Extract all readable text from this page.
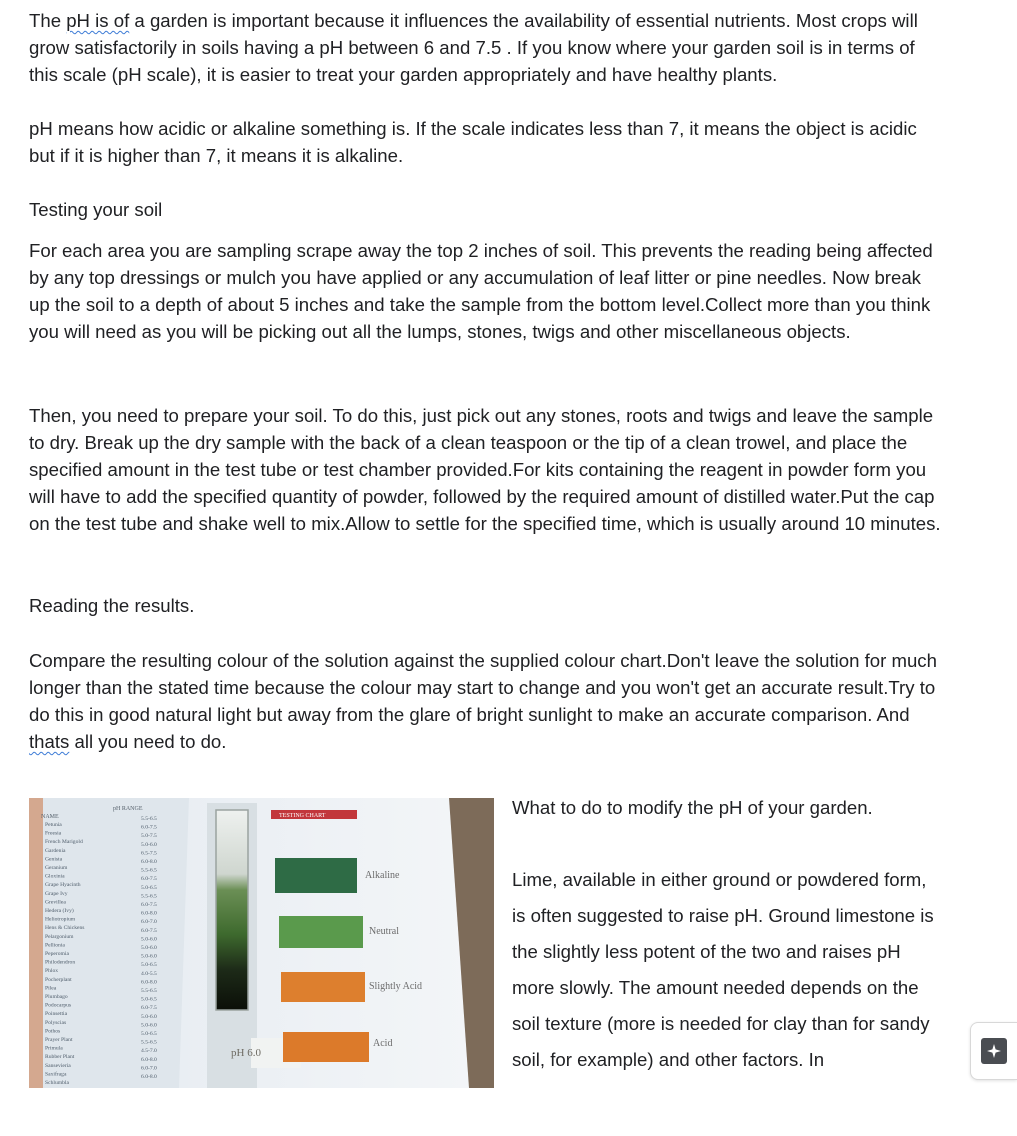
The pH is of a garden is important because it influences the availability of essential nutrients. Most crops will grow satisfactorily in soils having a pH between 6 and 7.5 . If you know where your garden soil is in terms of this scale (pH scale), it is easier to treat your garden appropriately and have healthy plants.

pH means how acidic or alkaline something is. If the scale indicates less than 7, it means the object is acidic but if it is higher than 7, it means it is alkaline.

Testing your soil

For each area you are sampling scrape away the top 2 inches of soil. This prevents the reading being affected by any top dressings or mulch you have applied or any accumulation of leaf litter or pine needles. Now break up the soil to a depth of about 5 inches and take the sample from the bottom level.Collect more than you think you will need as you will be picking out all the lumps, stones, twigs and other miscellaneous objects.

Then, you need to prepare your soil. To do this, just pick out any stones, roots and twigs and leave the sample to dry. Break up the dry sample with the back of a clean teaspoon or the tip of a clean trowel, and place the specified amount in the test tube or test chamber provided.For kits containing the reagent in powder form you will have to add the specified quantity of powder, followed by the required amount of distilled water.Put the cap on the test tube and shake well to mix.Allow to settle for the specified time, which is usually around 10 minutes.

Reading the results.

Compare the resulting colour of the solution against the supplied colour chart.Don't leave the solution for much longer than the stated time because the colour may start to change and you won't get an accurate result.Try to do this in good natural light but away from the glare of bright sunlight to make an accurate comparison. And thats all you need to do.

Petunia
Freesia
French Marigold
Gardenia
Genista
Geranium
Gloxinia
Grape Hyacinth
Grape Ivy
Grevillea
Hedera (Ivy)
Heliotropium
Hens & Chickens
Pelargonium
Pellionia
Peperomia
Philodendron
Phlox
Pocherplant
Pilea
Plumbago
Podocarpus
Poinsettia
Polyscias
Pothos
Prayer Plant
Primula
Rubber Plant
Sansevieria
Saxifraga
Schlumbla
5.5-6.5
6.0-7.5
5.0-7.5
5.0-6.0
6.5-7.5
6.0-8.0
5.5-6.5
6.0-7.5
5.0-6.5
5.5-6.5
6.0-7.5
6.0-8.0
6.0-7.0
6.0-7.5
5.0-6.0
5.0-6.0
5.0-6.0
5.0-6.5
4.0-5.5
6.0-8.0
5.5-6.5
5.0-6.5
6.0-7.5
5.0-6.0
5.0-6.0
5.0-6.5
5.5-6.5
4.5-7.0
6.0-8.0
6.0-7.0
6.0-8.0
NAME
pH RANGE
TESTING CHART
pH 6.0
Alkaline
Neutral
Slightly Acid
Acid

What to do to modify the pH of your garden.

Lime, available in either ground or powdered form, is often suggested to raise pH. Ground limestone is the slightly less potent of the two and raises pH more slowly. The amount needed depends on the soil texture (more is needed for clay than for sandy soil, for example) and other factors. In
